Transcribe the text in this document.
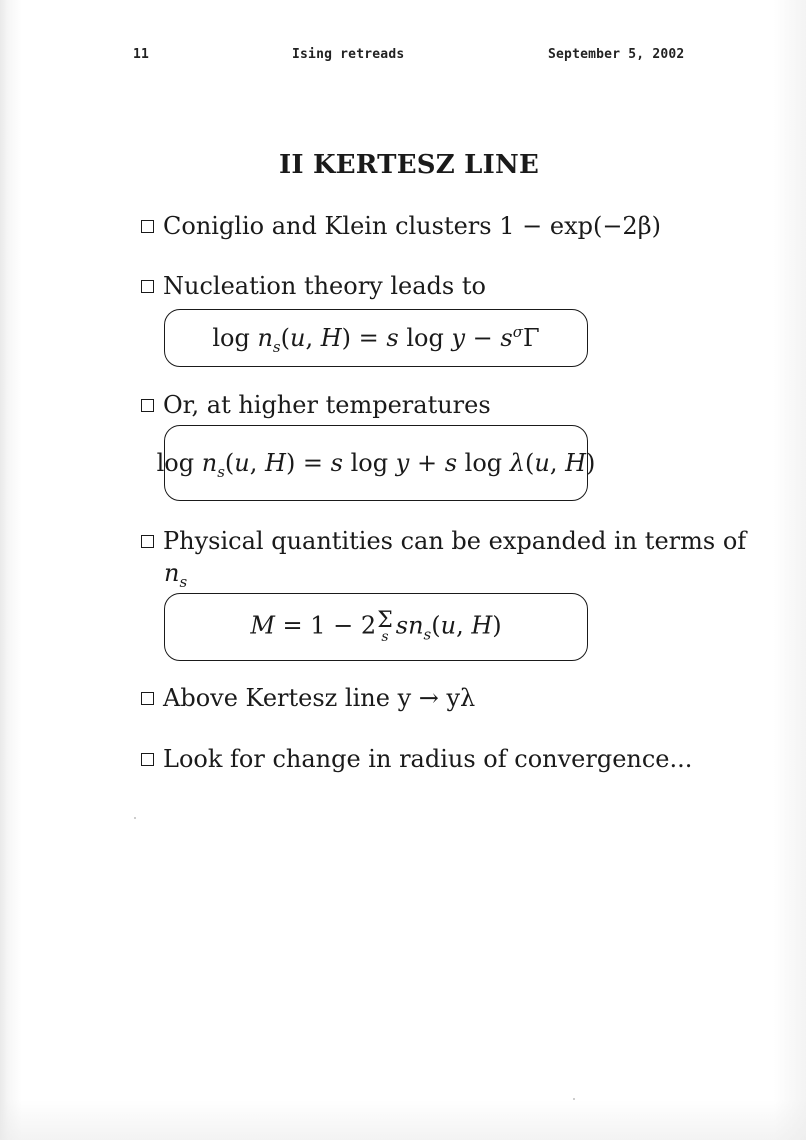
11	Ising retreads	September 5, 2002
II KERTESZ LINE
Coniglio and Klein clusters 1 − exp(−2β)
Nucleation theory leads to
$\log n_s(u$, H) = s $\log y - s^\sigma\Gamma$
Or, at higher temperatures
$\log n_s(u$, H) = s log y + s log λ(u, H)
Physical quantities can be expanded in terms of
$n_s$
M = 1 − 2 Σ
s $sn_s(u$, H)
Above Kertesz line y → yλ
Look for change in radius of convergence...
